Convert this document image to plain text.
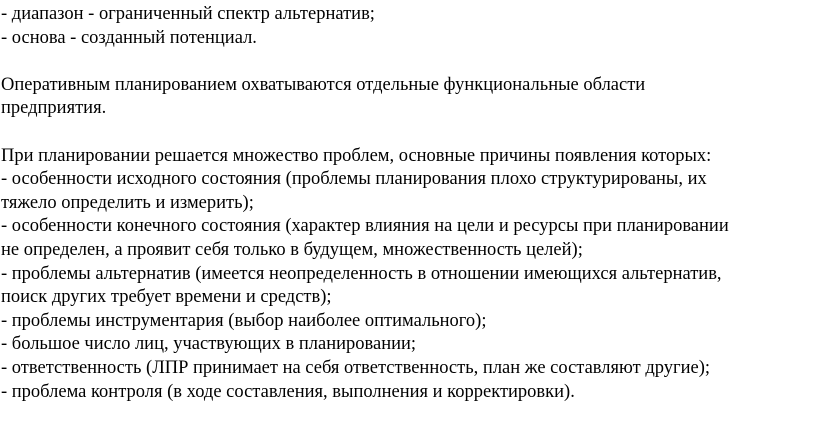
- диапазон - ограниченный спектр альтернатив;
- основа - созданный потенциал.
Оперативным планированием охватываются отдельные функциональные области
предприятия.
При планировании решается множество проблем, основные причины появления которых:
- особенности исходного состояния (проблемы планирования плохо структурированы, их
тяжело определить и измерить);
- особенности конечного состояния (характер влияния на цели и ресурсы при планировании
не определен, а проявит себя только в будущем, множественность целей);
- проблемы альтернатив (имеется неопределенность в отношении имеющихся альтернатив,
поиск других требует времени и средств);
- проблемы инструментария (выбор наиболее оптимального);
- большое число лиц, участвующих в планировании;
- ответственность (ЛПР принимает на себя ответственность, план же составляют другие);
- проблема контроля (в ходе составления, выполнения и корректировки).
